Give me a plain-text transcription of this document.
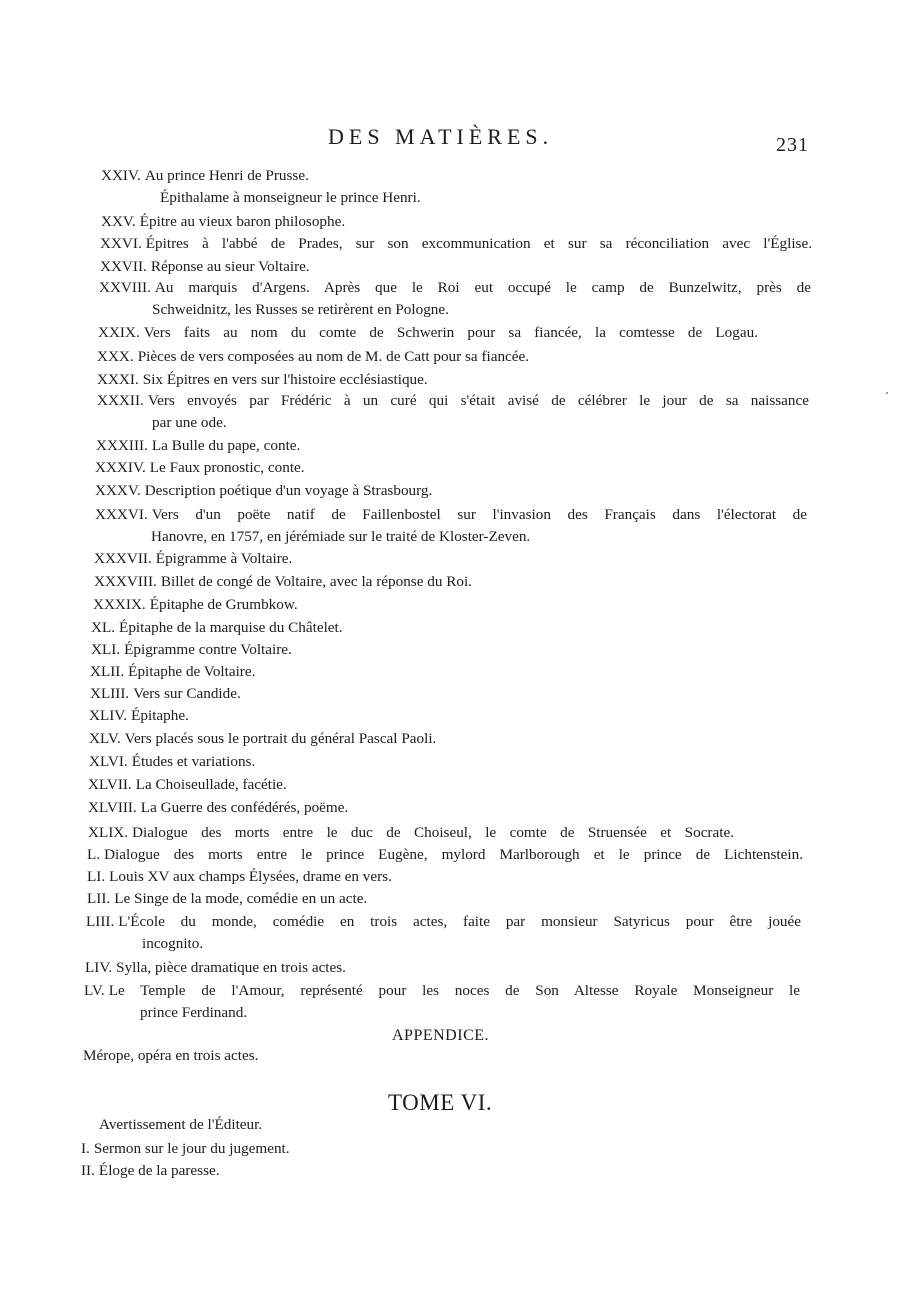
DES MATIÈRES.	231
XXIV. Au prince Henri de Prusse.
Épithalame à monseigneur le prince Henri.
XXV. Épitre au vieux baron philosophe.
XXVI. Épitres à l'abbé de Prades, sur son excommunication et sur sa réconciliation avec l'Église.
XXVII. Réponse au sieur Voltaire.
XXVIII. Au marquis d'Argens. Après que le Roi eut occupé le camp de Bunzelwitz, près de
Schweidnitz, les Russes se retirèrent en Pologne.
XXIX. Vers faits au nom du comte de Schwerin pour sa fiancée, la comtesse de Logau.
XXX. Pièces de vers composées au nom de M. de Catt pour sa fiancée.
XXXI. Six Épitres en vers sur l'histoire ecclésiastique.
XXXII. Vers envoyés par Frédéric à un curé qui s'était avisé de célébrer le jour de sa naissance
par une ode.
XXXIII. La Bulle du pape, conte.
XXXIV. Le Faux pronostic, conte.
XXXV. Description poétique d'un voyage à Strasbourg.
XXXVI. Vers d'un poëte natif de Faillenbostel sur l'invasion des Français dans l'électorat de
Hanovre, en 1757, en jérémiade sur le traité de Kloster-Zeven.
XXXVII. Épigramme à Voltaire.
XXXVIII. Billet de congé de Voltaire, avec la réponse du Roi.
XXXIX. Épitaphe de Grumbkow.
XL. Épitaphe de la marquise du Châtelet.
XLI. Épigramme contre Voltaire.
XLII. Épitaphe de Voltaire.
XLIII. Vers sur Candide.
XLIV. Épitaphe.
XLV. Vers placés sous le portrait du général Pascal Paoli.
XLVI. Études et variations.
XLVII. La Choiseullade, facétie.
XLVIII. La Guerre des confédérés, poëme.
XLIX. Dialogue des morts entre le duc de Choiseul, le comte de Struensée et Socrate.
L. Dialogue des morts entre le prince Eugène, mylord Marlborough et le prince de Lichtenstein.
LI. Louis XV aux champs Élysées, drame en vers.
LII. Le Singe de la mode, comédie en un acte.
LIII. L'École du monde, comédie en trois actes, faite par monsieur Satyricus pour être jouée
incognito.
LIV. Sylla, pièce dramatique en trois actes.
LV. Le Temple de l'Amour, représenté pour les noces de Son Altesse Royale Monseigneur le
prince Ferdinand.
APPENDICE.
Mérope, opéra en trois actes.
TOME VI.
Avertissement de l'Éditeur.
I. Sermon sur le jour du jugement.
II. Éloge de la paresse.
